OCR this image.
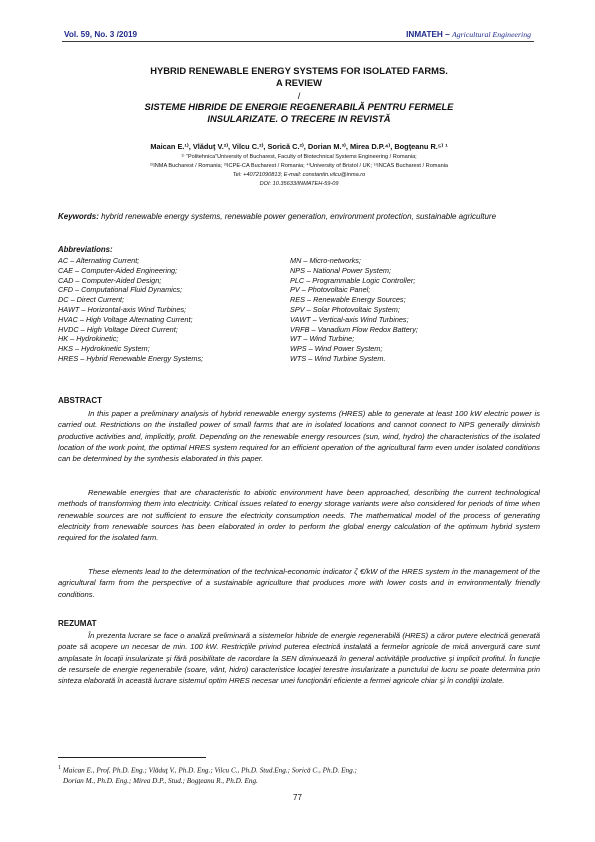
Vol. 59, No. 3 /2019	INMATEH – Agricultural Engineering
HYBRID RENEWABLE ENERGY SYSTEMS FOR ISOLATED FARMS.
A REVIEW
/
SISTEME HIBRIDE DE ENERGIE REGENERABILĂ PENTRU FERMELE
INSULARIZATE. O TRECERE IN REVISTĂ
Maican E.¹⁾, Vlăduţ V.²⁾, Vilcu C.²⁾, Sorică C.²⁾, Dorian M.³⁾, Mirea D.P.⁴⁾, Bogţeanu R.⁵⁾ ¹
¹⁾ “Politehnica”University of Bucharest, Faculty of Biotechnical Systems Engineering / Romania;
²⁾INMA Bucharest / Romania; ³⁾ICPE-CA Bucharest / Romania; ⁴⁾University of Bristol / UK; ⁵⁾INCAS Bucharest / Romania
Tel: +40721090813; E-mail: constantin.vilcu@inma.ro
DOI: 10.35633/INMATEH-59-09
Keywords: hybrid renewable energy systems, renewable power generation, environment protection, sustainable agriculture
Abbreviations:
AC – Alternating Current;
CAE – Computer-Aided Engineering;
CAD – Computer-Aided Design;
CFD – Computational Fluid Dynamics;
DC – Direct Current;
HAWT – Horizontal-axis Wind Turbines;
HVAC – High Voltage Alternating Current;
HVDC – High Voltage Direct Current;
HK – Hydrokinetic;
HKS – Hydrokinetic System;
HRES – Hybrid Renewable Energy Systems;
MN – Micro-networks;
NPS – National Power System;
PLC – Programmable Logic Controller;
PV – Photovoltaic Panel;
RES – Renewable Energy Sources;
SPV – Solar Photovoltaic System;
VAWT – Vertical-axis Wind Turbines;
VRFB – Vanadium Flow Redox Battery;
WT – Wind Turbine;
WPS – Wind Power System;
WTS – Wind Turbine System.
ABSTRACT

In this paper a preliminary analysis of hybrid renewable energy systems (HRES) able to generate at least 100 kW electric power is carried out. Restrictions on the installed power of small farms that are in isolated locations and cannot connect to NPS generally diminish productive activities and, implicitly, profit. Depending on the renewable energy resources (sun, wind, hydro) the characteristics of the isolated location of the work point, the optimal HRES system required for an efficient operation of the agricultural farm even under isolated conditions can be determined by the synthesis elaborated in this paper.

Renewable energies that are characteristic to abiotic environment have been approached, describing the current technological methods of transforming them into electricity. Critical issues related to energy storage variants were also considered for periods of time when renewable sources are not sufficient to ensure the electricity consumption needs. The mathematical model of the process of generating electricity from renewable sources has been elaborated in order to perform the global energy calculation of the optimum hybrid system required for the isolated farm.

These elements lead to the determination of the technical-economic indicator ζ €/kW of the HRES system in the management of the agricultural farm from the perspective of a sustainable agriculture that produces more with lower costs and in environmentally friendly conditions.

REZUMAT

În prezenta lucrare se face o analiză preliminară a sistemelor hibride de energie regenerabilă (HRES) a căror putere electrică generată poate să acopere un necesar de min. 100 kW. Restricţiile privind puterea electrică instalată a fermelor agricole de mică anvergură care sunt amplasate în locaţii insularizate şi fără posibilitate de racordare la SEN diminuează în general activităţile productive şi implicit profitul. În funcţie de resursele de energie regenerabile (soare, vânt, hidro) caracteristice locaţiei terestre insularizate a punctului de lucru se poate determina prin sinteza elaborată în această lucrare sistemul optim HRES necesar unei funcţionări eficiente a fermei agricole chiar şi în condiţii izolate.

$^1$ Maican E., Prof. Ph.D. Eng.; Vlăduţ V., Ph.D. Eng.; Vilcu C., Ph.D. Stud.Eng.; Sorică C., Ph.D. Eng.;
Dorian M., Ph.D. Eng.; Mirea D.P., Stud.; Bogţeanu R., Ph.D. Eng.
77
